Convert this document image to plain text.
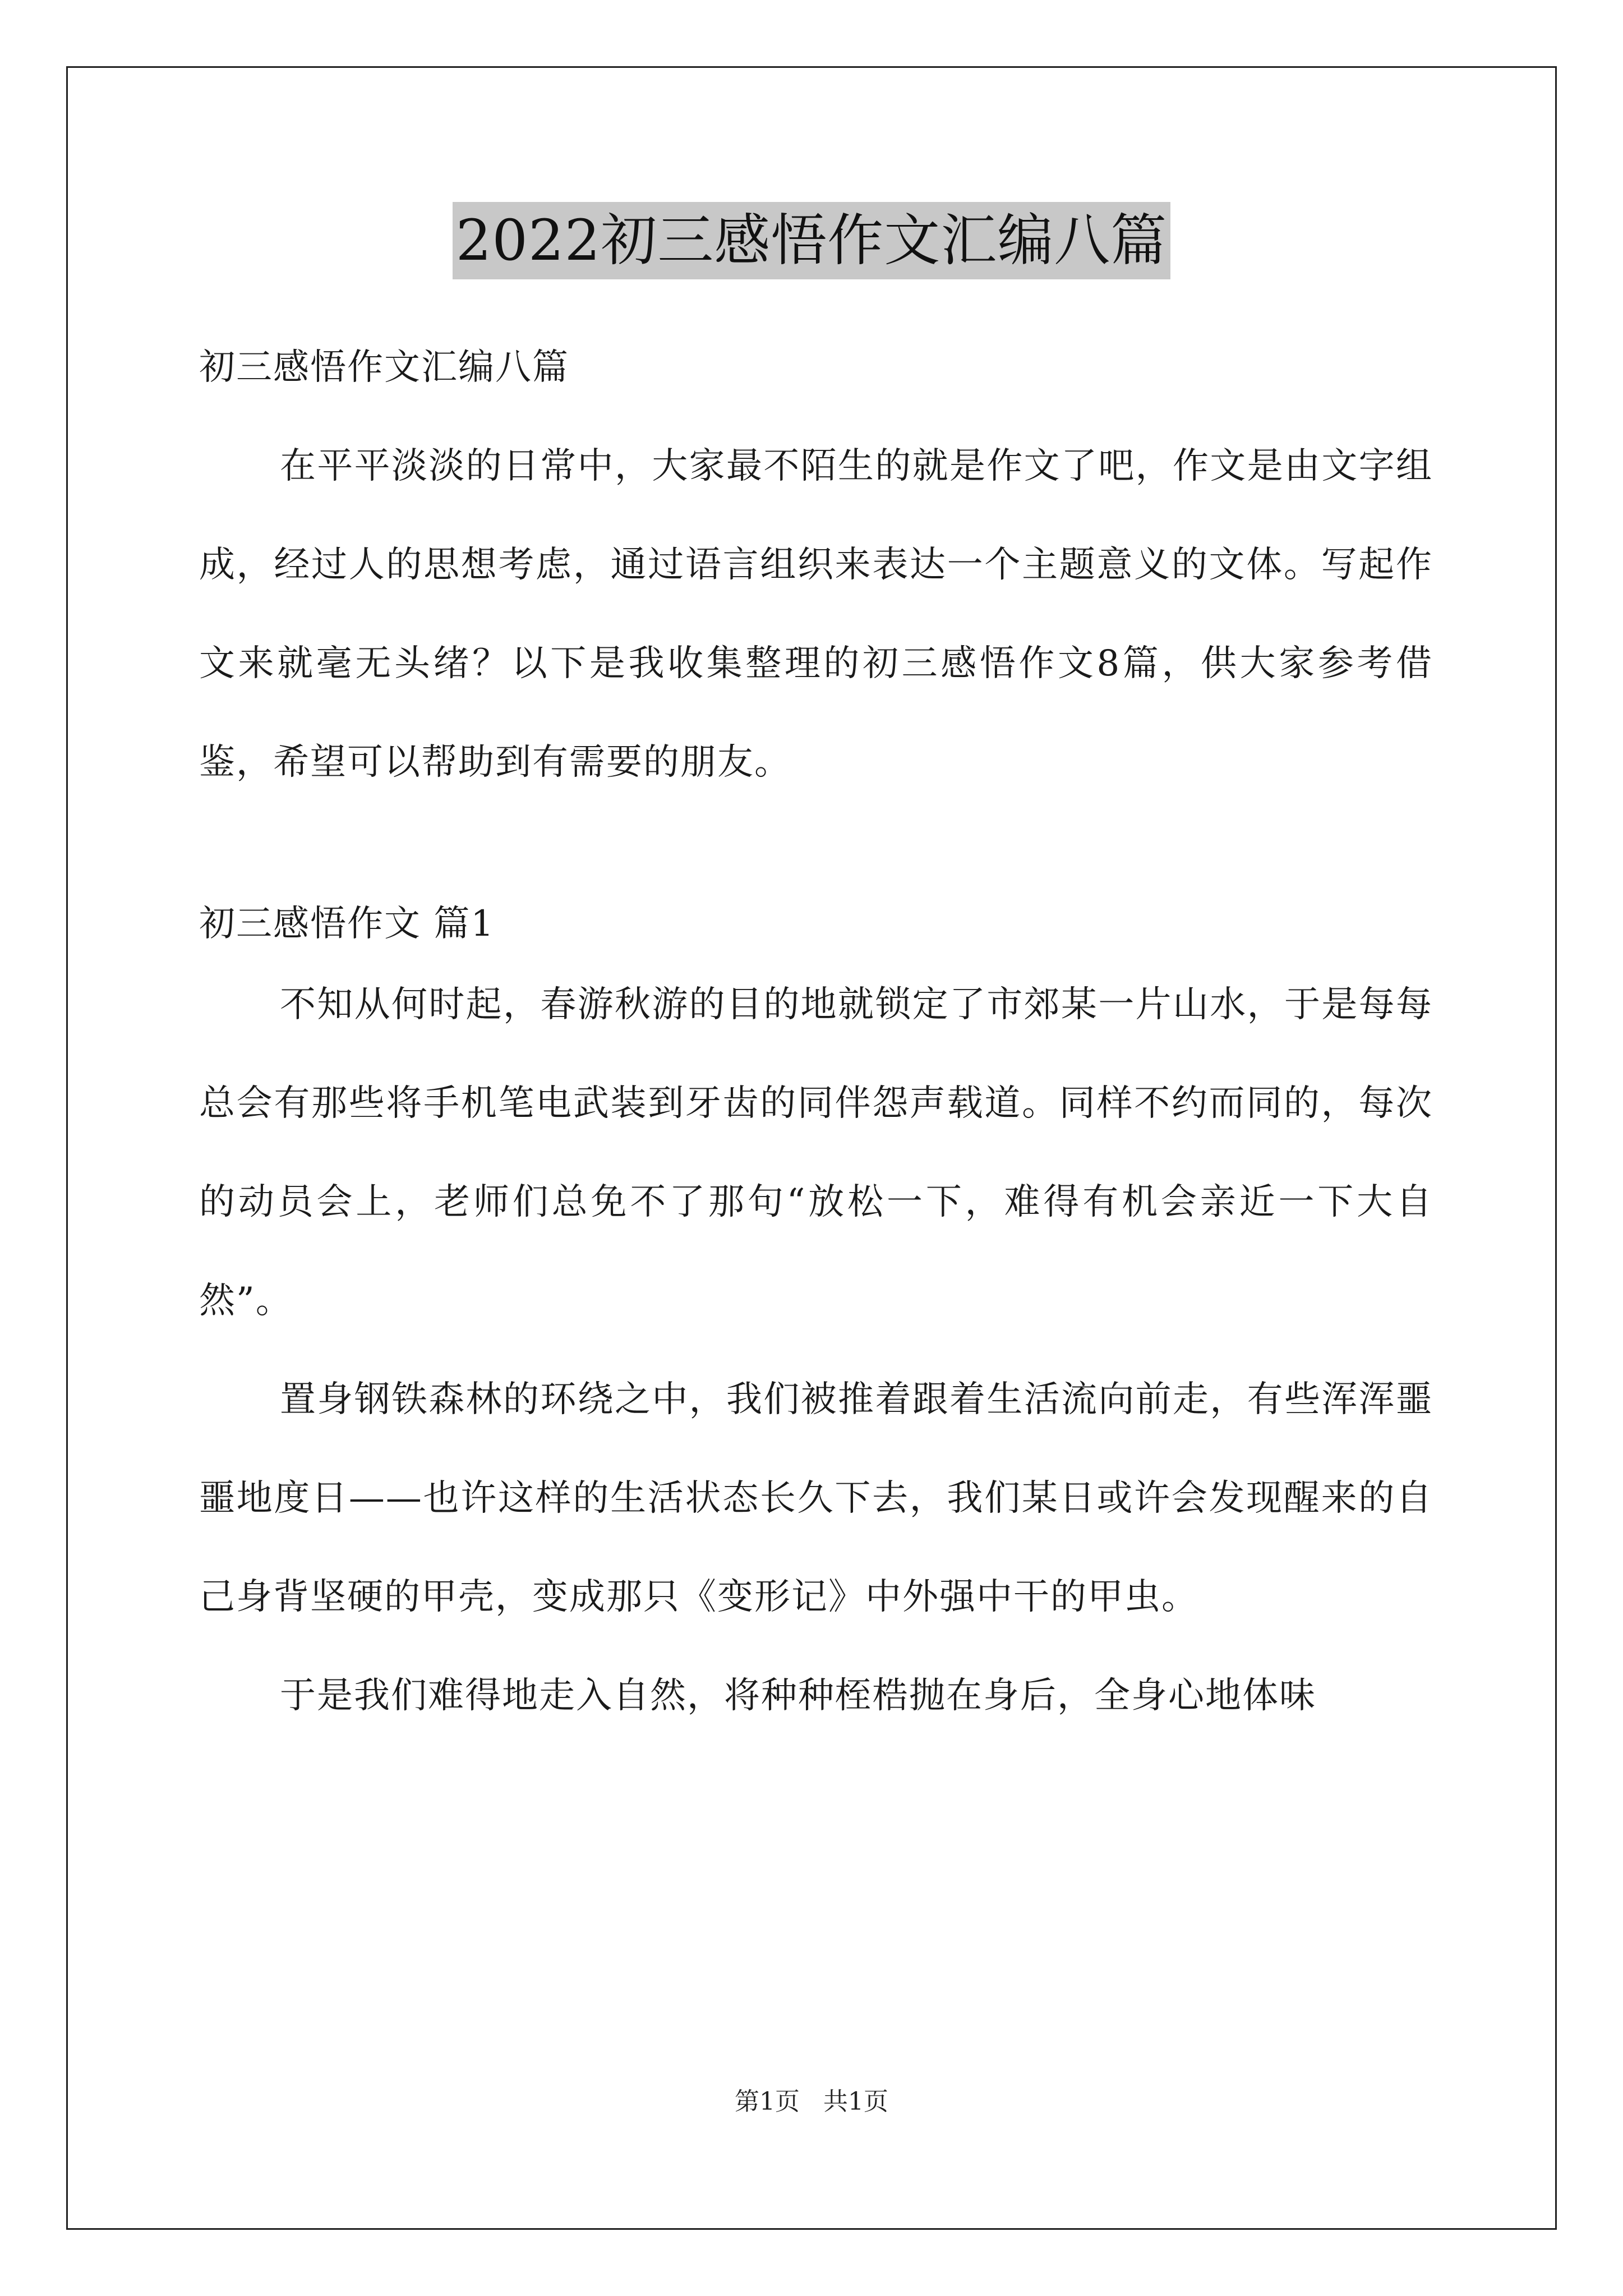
2022初三感悟作文汇编八篇

初三感悟作文汇编八篇

在平平淡淡的日常中，大家最不陌生的就是作文了吧，作文是由文字组成，经过人的思想考虑，通过语言组织来表达一个主题意义的文体。写起作文来就毫无头绪？以下是我收集整理的初三感悟作文8篇，供大家参考借鉴，希望可以帮助到有需要的朋友。

初三感悟作文 篇1

不知从何时起，春游秋游的目的地就锁定了市郊某一片山水，于是每每总会有那些将手机笔电武装到牙齿的同伴怨声载道。同样不约而同的，每次的动员会上，老师们总免不了那句“放松一下，难得有机会亲近一下大自然”。

置身钢铁森林的环绕之中，我们被推着跟着生活流向前走，有些浑浑噩噩地度日——也许这样的生活状态长久下去，我们某日或许会发现醒来的自己身背坚硬的甲壳，变成那只《变形记》中外强中干的甲虫。

于是我们难得地走入自然，将种种桎梏抛在身后，全身心地体味

第1页 共1页
